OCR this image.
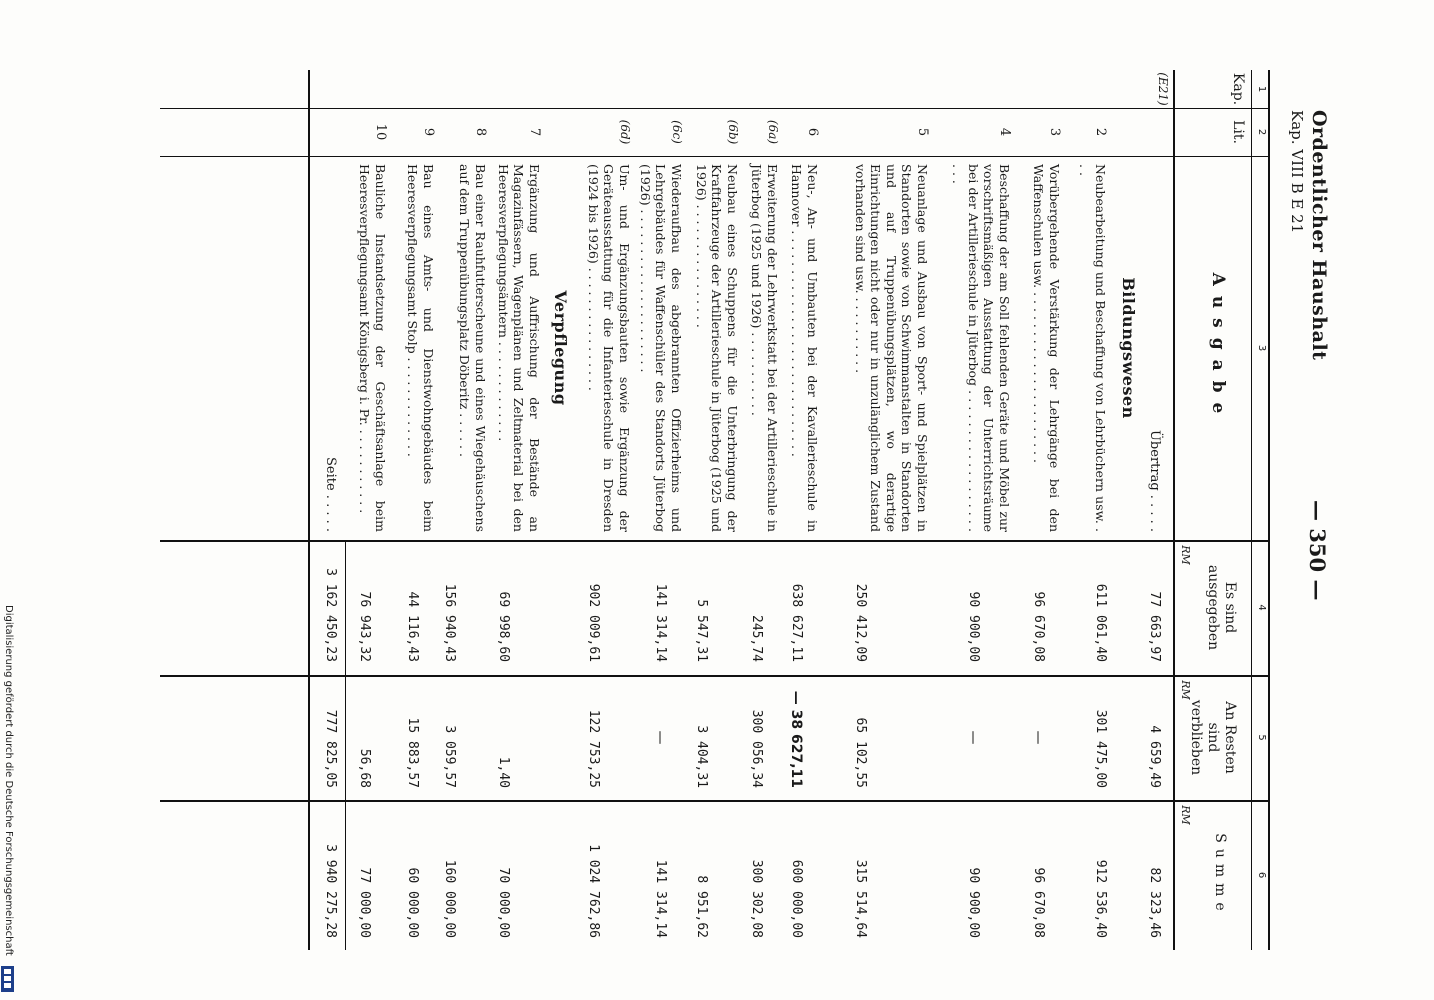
Ordentlicher Haushalt
Kap. VIII B E 21
— 350 —
1
2
3
4
5
6
Kap.
Lit.
Ausgabe
Es sind ausgegeben
An Resten sind verblieben
Summe
RM
RM
RM
(E21)
Übertrag . . . . .
77 663,97
4 659,49
82 323,46
Bildungswesen
2
Neubearbeitung und Beschaffung von Lehrbüchern usw. . . .
611 061,40
301 475,00
912 536,40
3
Vorübergehende Verstärkung der Lehrgänge bei den Waffenschulen usw. . . . . . . . . . . . . . . . . . . . . . .
96 670,08
—
96 670,08
4
Beschaffung der am Soll fehlenden Geräte und Möbel zur vorschriftsmäßigen Ausstattung der Unterrichtsräume bei der Artillerieschule in Jüterbog . . . . . . . . . . . . . . . . . . . . .
90 900,00
—
90 900,00
5
Neuanlage und Ausbau von Sport- und Spielplätzen in Standorten sowie von Schwimmanstalten in Standorten und auf Truppenübungsplätzen, wo derartige Einrichtungen nicht oder nur in unzulänglichem Zustand vorhanden sind usw. . . . . . . . . . .
250 412,09
65 102,55
315 514,64
6
Neu-, An- und Umbauten bei der Kavallerieschule in Hannover . . . . . . . . . . . . . . . . . . . . . . . . . . . . .
638 627,11
— 38 627,11
600 000,00
(6a)
Erweiterung der Lehrwerkstatt bei der Artillerieschule in Jüterbog (1925 und 1926) . . . . . . . . . . .
245,74
300 056,34
300 302,08
(6b)
Neubau eines Schuppens für die Unterbringung der Kraftfahrzeuge der Artillerieschule in Jüterbog (1925 und 1926) . . . . . . . . . . . . . . . .
5 547,31
3 404,31
8 951,62
(6c)
Wiederaufbau des abgebrannten Offizierheims und Lehrgebäudes für Waffenschüler des Standorts Jüterbog (1926) . . . . . . . . . . . . . . . . . . . . .
141 314,14
—
141 314,14
(6d)
Um- und Ergänzungsbauten sowie Ergänzung der Geräteausstattung für die Infanterieschule in Dresden (1924 bis 1926) . . . . . . . . . . . . . . . .
902 009,61
122 753,25
1 024 762,86
Verpflegung
7
Ergänzung und Auffrischung der Bestände an Magazinfässern, Wagenplänen und Zeltmaterial bei den Heeresverpflegungsämtern . . . . . . . . . . . . .
69 998,60
1,40
70 000,00
8
Bau einer Rauhfutterscheune und eines Wiegehäuschens auf dem Truppenübungsplatz Döberitz . . . . . .
156 940,43
3 059,57
160 000,00
9
Bau eines Amts- und Dienstwohngebäudes beim Heeresverpflegungsamt Stolp . . . . . . . . . . . . .
44 116,43
15 883,57
60 000,00
10
Bauliche Instandsetzung der Geschäftsanlage beim Heeresverpflegungsamt Königsberg i. Pr. . . . . . . . . . . .
76 943,32
56,68
77 000,00
Seite . . . . .
3 162 450,23
777 825,05
3 940 275,28
Digitalisierung gefördert durch die Deutsche Forschungsgemeinschaft
